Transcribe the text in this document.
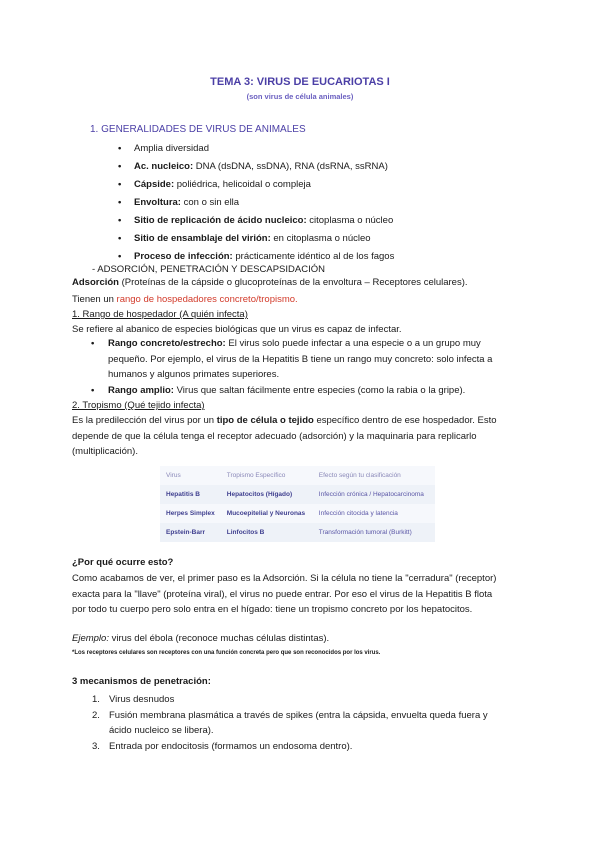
TEMA 3: VIRUS DE EUCARIOTAS I
(son virus de célula animales)
1. GENERALIDADES DE VIRUS DE ANIMALES
• Amplia diversidad
• Ac. nucleico: DNA (dsDNA, ssDNA), RNA (dsRNA, ssRNA)
• Cápside: poliédrica, helicoidal o compleja
• Envoltura: con o sin ella
• Sitio de replicación de ácido nucleico: citoplasma o núcleo
• Sitio de ensamblaje del virión: en citoplasma o núcleo
• Proceso de infección: prácticamente idéntico al de los fagos
- ADSORCIÓN, PENETRACIÓN Y DESCAPSIDACIÓN
Adsorción (Proteínas de la cápside o glucoproteínas de la envoltura – Receptores celulares).
Tienen un rango de hospedadores concreto/tropismo.
1. Rango de hospedador (A quién infecta)
Se refiere al abanico de especies biológicas que un virus es capaz de infectar.
• Rango concreto/estrecho: El virus solo puede infectar a una especie o a un grupo muy
pequeño. Por ejemplo, el virus de la Hepatitis B tiene un rango muy concreto: solo infecta a
humanos y algunos primates superiores.
• Rango amplio: Virus que saltan fácilmente entre especies (como la rabia o la gripe).
2. Tropismo (Qué tejido infecta)
Es la predilección del virus por un tipo de célula o tejido específico dentro de ese hospedador. Esto
depende de que la célula tenga el receptor adecuado (adsorción) y la maquinaria para replicarlo
(multiplicación).
Virus	Tropismo Específico	Efecto según tu clasificación
Hepatitis B	Hepatocitos (Hígado)	Infección crónica / Hepatocarcinoma
Herpes Simplex	Mucoepitelial y Neuronas	Infección citocida y latencia
Epstein-Barr	Linfocitos B	Transformación tumoral (Burkitt)
¿Por qué ocurre esto?
Como acabamos de ver, el primer paso es la Adsorción. Si la célula no tiene la "cerradura" (receptor)
exacta para la "llave" (proteína viral), el virus no puede entrar. Por eso el virus de la Hepatitis B flota
por todo tu cuerpo pero solo entra en el hígado: tiene un tropismo concreto por los hepatocitos.
Ejemplo: virus del ébola (reconoce muchas células distintas).
*Los receptores celulares son receptores con una función concreta pero que son reconocidos por los virus.
3 mecanismos de penetración:
1. Virus desnudos
2. Fusión membrana plasmática a través de spikes (entra la cápsida, envuelta queda fuera y
ácido nucleico se libera).
3. Entrada por endocitosis (formamos un endosoma dentro).
